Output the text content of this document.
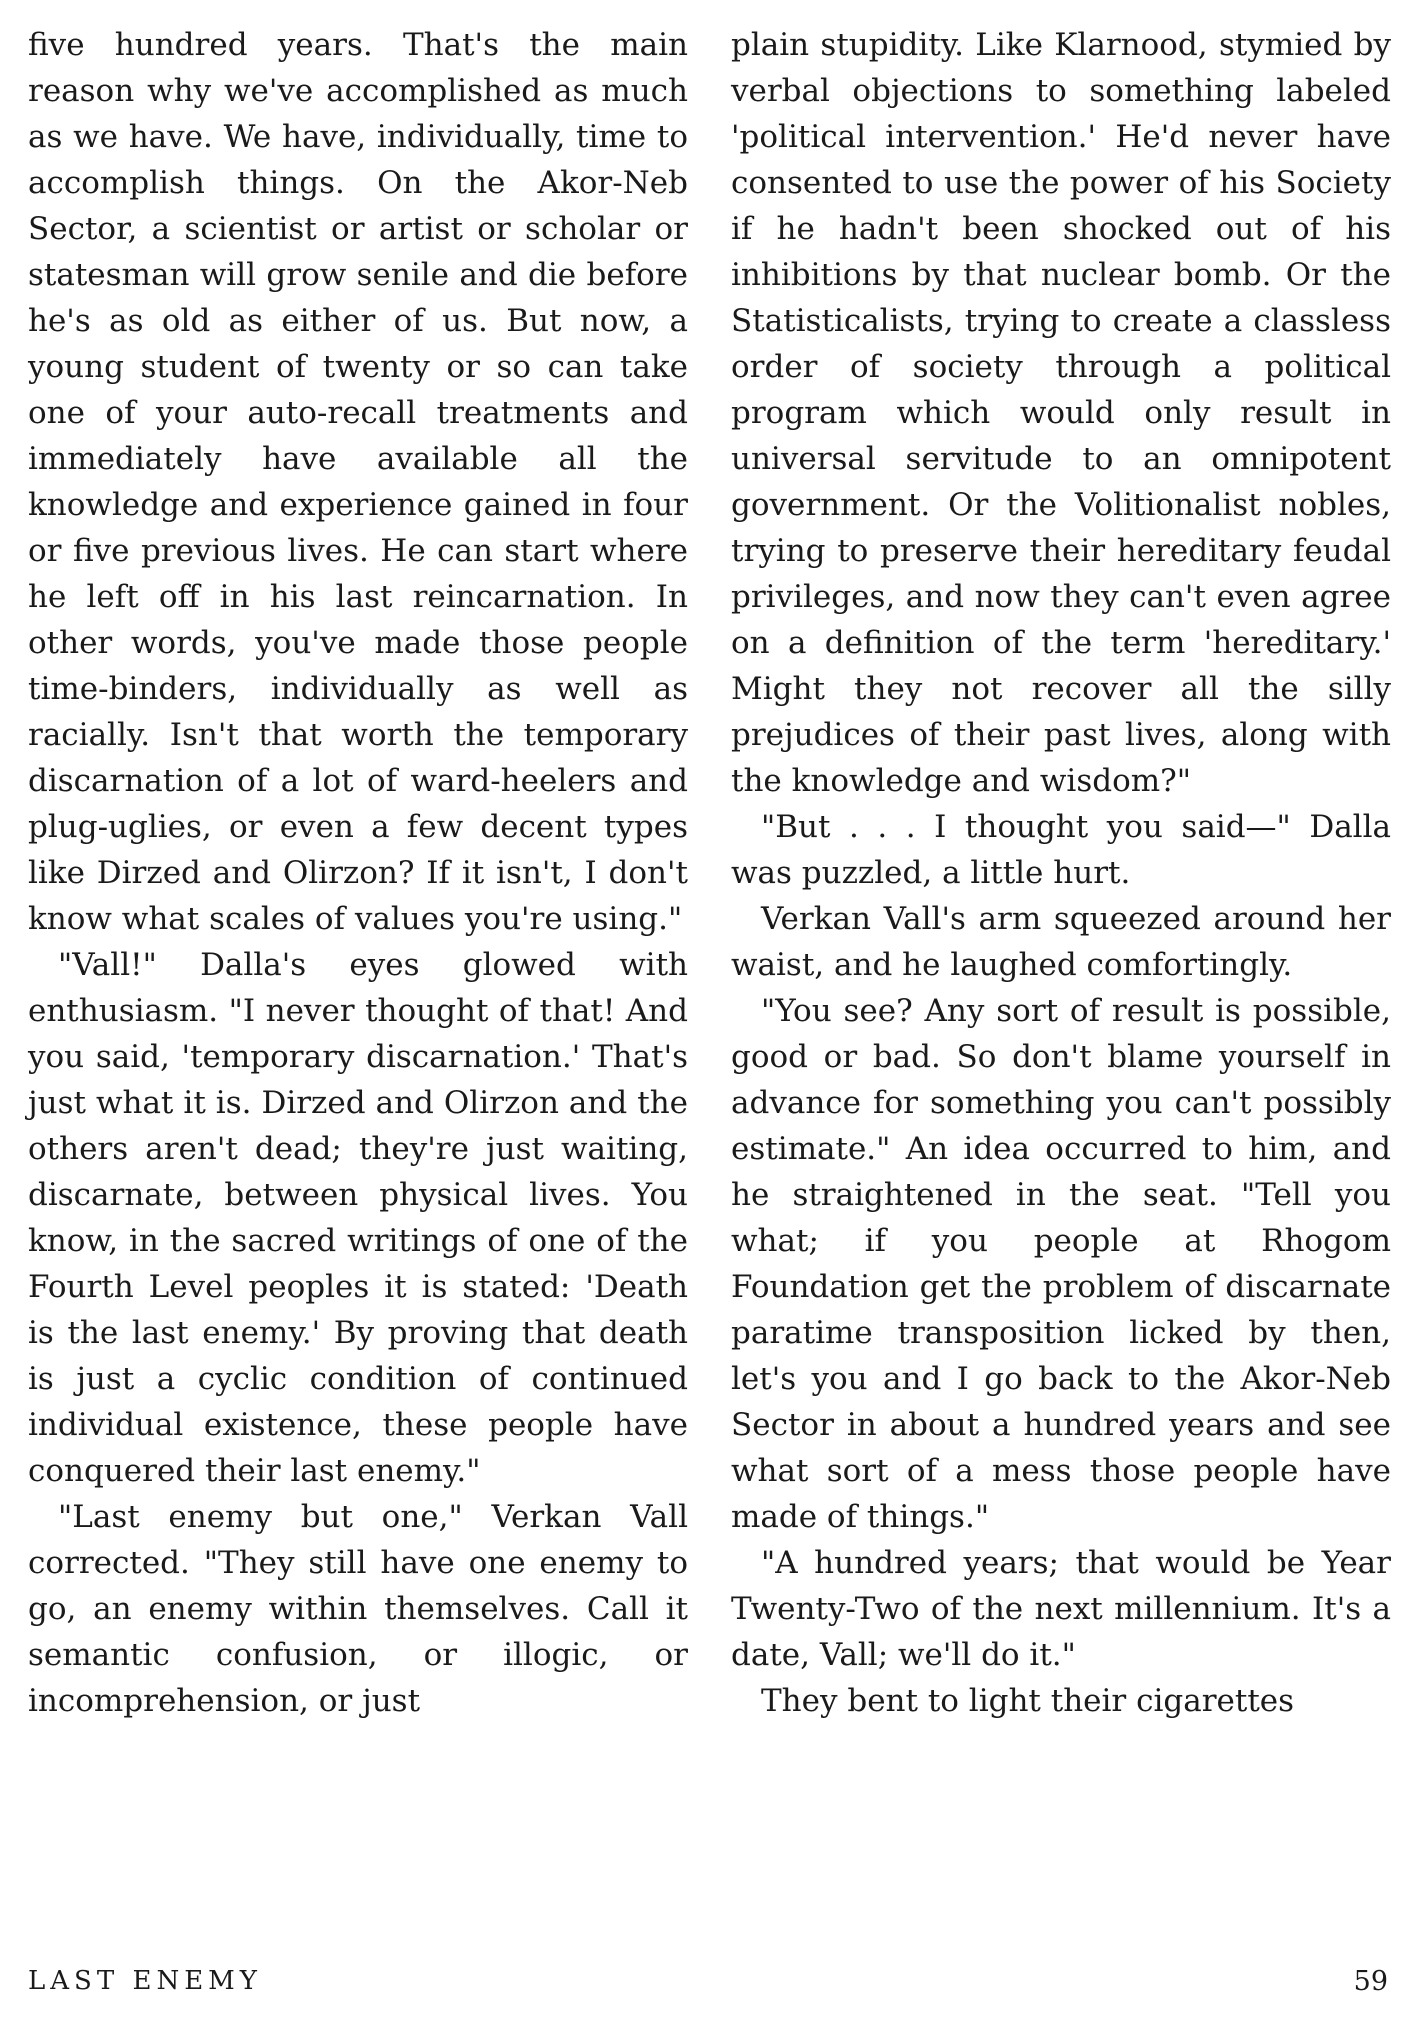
five hundred years. That's the main reason why we've accomplished as much as we have. We have, individually, time to accomplish things. On the Akor-Neb Sector, a scientist or artist or scholar or statesman will grow senile and die before he's as old as either of us. But now, a young student of twenty or so can take one of your auto-recall treatments and immediately have available all the knowledge and experience gained in four or five previous lives. He can start where he left off in his last reincarnation. In other words, you've made those people time-binders, individually as well as racially. Isn't that worth the temporary discarnation of a lot of ward-heelers and plug-uglies, or even a few decent types like Dirzed and Olirzon? If it isn't, I don't know what scales of values you're using."

"Vall!" Dalla's eyes glowed with enthusiasm. "I never thought of that! And you said, 'temporary discarnation.' That's just what it is. Dirzed and Olirzon and the others aren't dead; they're just waiting, discarnate, between physical lives. You know, in the sacred writings of one of the Fourth Level peoples it is stated: 'Death is the last enemy.' By proving that death is just a cyclic condition of continued individual existence, these people have conquered their last enemy."

"Last enemy but one," Verkan Vall corrected. "They still have one enemy to go, an enemy within themselves. Call it semantic confusion, or illogic, or incomprehension, or just

plain stupidity. Like Klarnood, stymied by verbal objections to something labeled 'political intervention.' He'd never have consented to use the power of his Society if he hadn't been shocked out of his inhibitions by that nuclear bomb. Or the Statisticalists, trying to create a classless order of society through a political program which would only result in universal servitude to an omnipotent government. Or the Volitionalist nobles, trying to preserve their hereditary feudal privileges, and now they can't even agree on a definition of the term 'hereditary.' Might they not recover all the silly prejudices of their past lives, along with the knowledge and wisdom?"

"But . . . I thought you said—" Dalla was puzzled, a little hurt.

Verkan Vall's arm squeezed around her waist, and he laughed comfortingly.

"You see? Any sort of result is possible, good or bad. So don't blame yourself in advance for something you can't possibly estimate." An idea occurred to him, and he straightened in the seat. "Tell you what; if you people at Rhogom Foundation get the problem of discarnate paratime transposition licked by then, let's you and I go back to the Akor-Neb Sector in about a hundred years and see what sort of a mess those people have made of things."

"A hundred years; that would be Year Twenty-Two of the next millennium. It's a date, Vall; we'll do it."

They bent to light their cigarettes

LAST ENEMY	59
